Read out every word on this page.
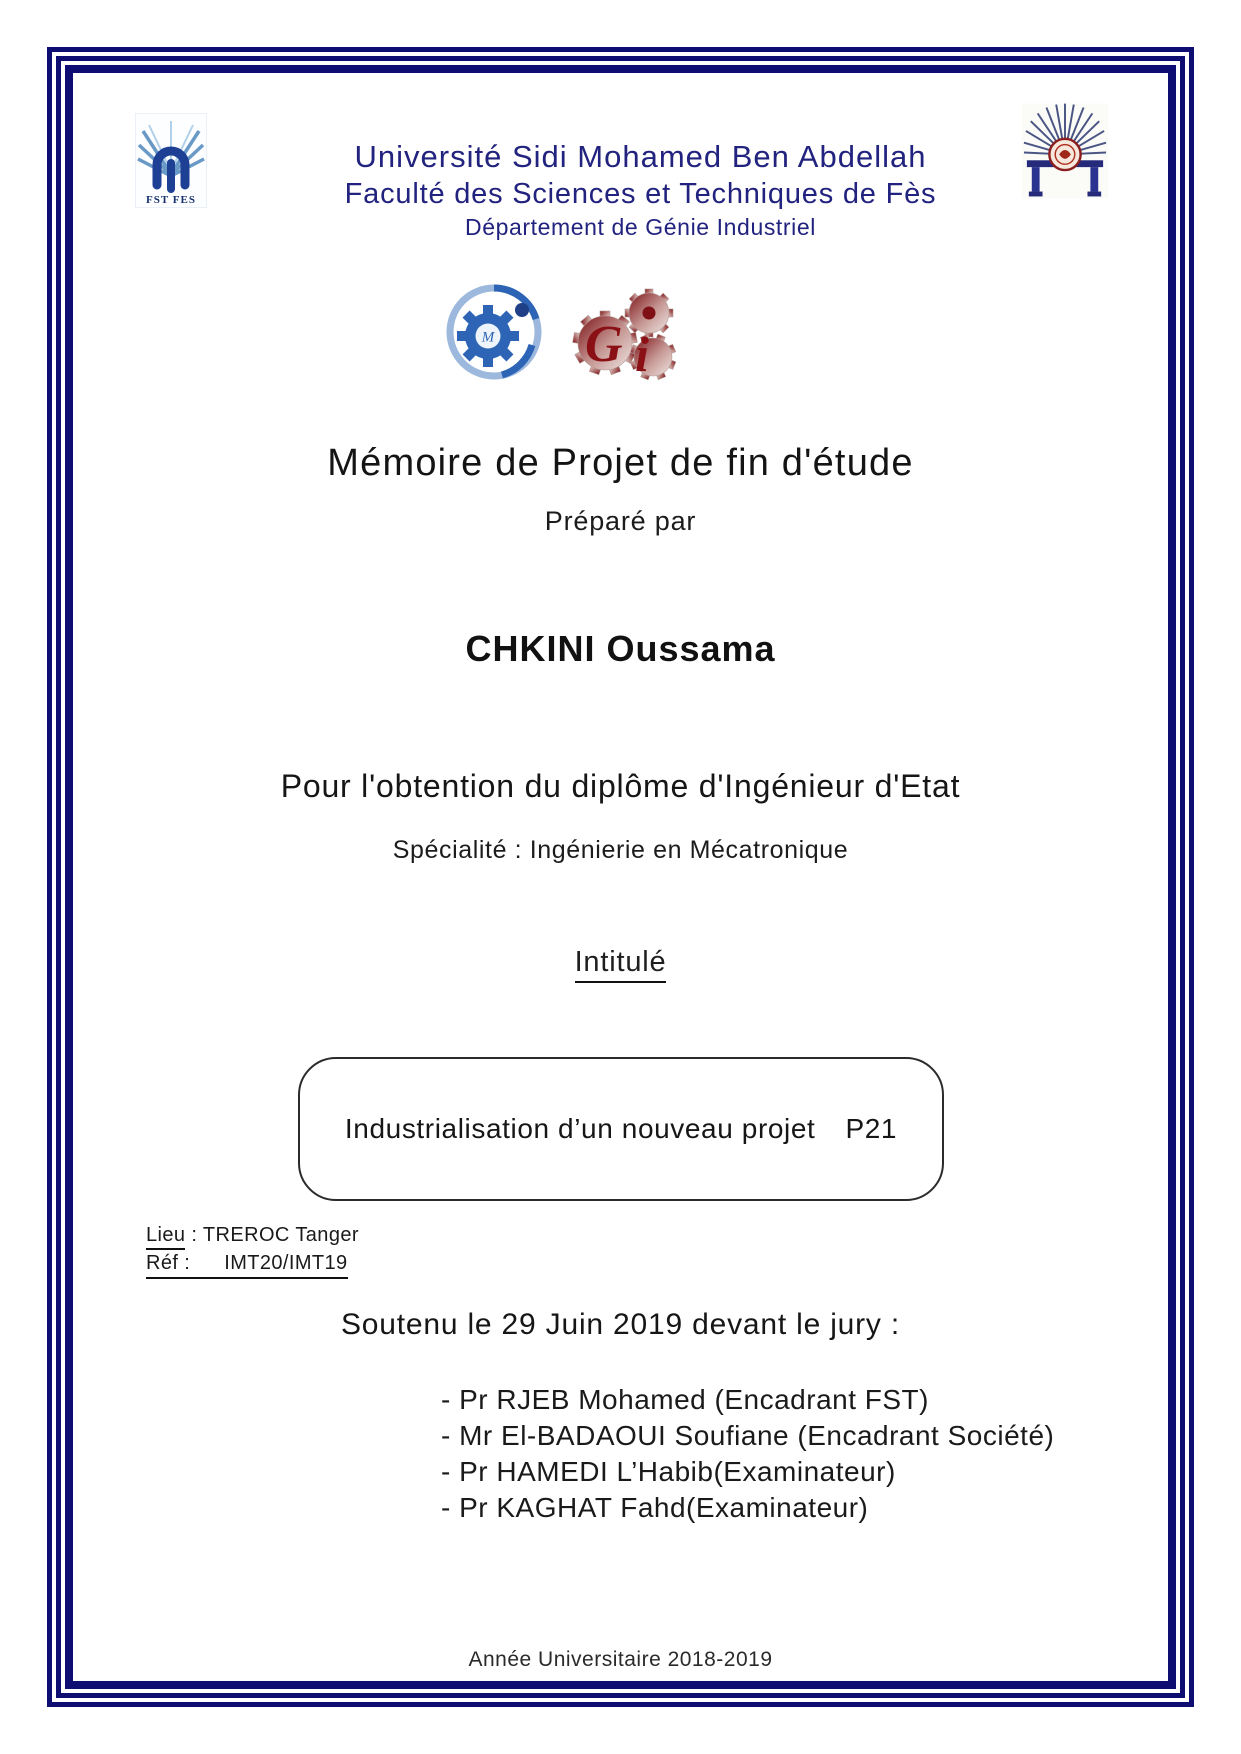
FST FES
Université Sidi Mohamed Ben Abdellah
Faculté des Sciences et Techniques de Fès
Département de Génie Industriel
M G i
Mémoire de Projet de fin d'étude
Préparé par
CHKINI Oussama
Pour l'obtention du diplôme d'Ingénieur d'Etat
Spécialité : Ingénierie en Mécatronique
Intitulé
Industrialisation d’un nouveau projet P21
Lieu : TREROC Tanger
Réf : IMT20/IMT19
Soutenu le 29 Juin 2019 devant le jury :
- Pr RJEB Mohamed (Encadrant FST)
- Mr El-BADAOUI Soufiane (Encadrant Société)
- Pr HAMEDI L’Habib(Examinateur)
- Pr KAGHAT Fahd(Examinateur)
Année Universitaire 2018-2019
